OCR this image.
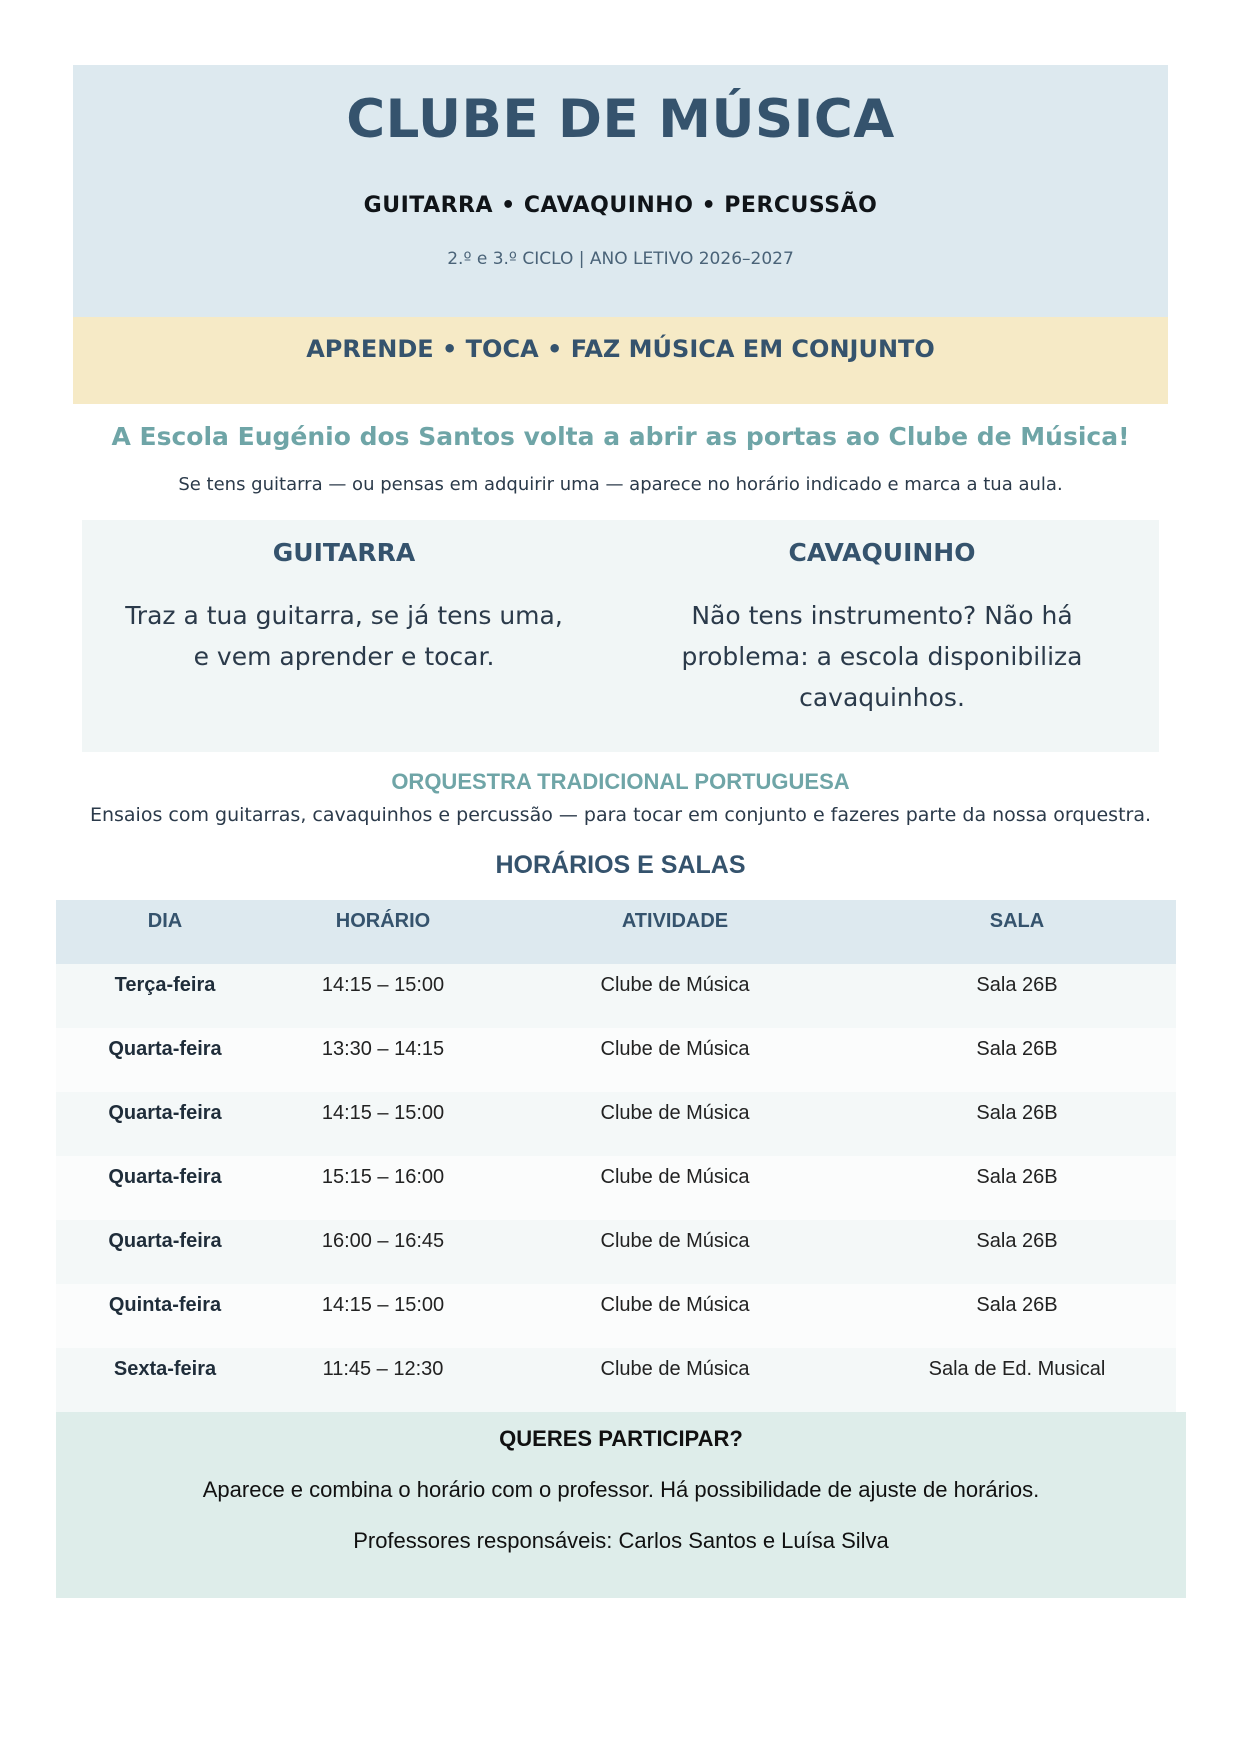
CLUBE DE MÚSICA
GUITARRA • CAVAQUINHO • PERCUSSÃO
2.º e 3.º CICLO | ANO LETIVO 2026–2027
APRENDE • TOCA • FAZ MÚSICA EM CONJUNTO
A Escola Eugénio dos Santos volta a abrir as portas ao Clube de Música!
Se tens guitarra — ou pensas em adquirir uma — aparece no horário indicado e marca a tua aula.
GUITARRA

Traz a tua guitarra, se já tens uma, e vem aprender e tocar.

CAVAQUINHO

Não tens instrumento? Não há problema: a escola disponibiliza cavaquinhos.

ORQUESTRA TRADICIONAL PORTUGUESA
Ensaios com guitarras, cavaquinhos e percussão — para tocar em conjunto e fazeres parte da nossa orquestra.
HORÁRIOS E SALAS
DIA	HORÁRIO	ATIVIDADE	SALA
Terça-feira	14:15 – 15:00	Clube de Música	Sala 26B
Quarta-feira	13:30 – 14:15	Clube de Música	Sala 26B
Quarta-feira	14:15 – 15:00	Clube de Música	Sala 26B
Quarta-feira	15:15 – 16:00	Clube de Música	Sala 26B
Quarta-feira	16:00 – 16:45	Clube de Música	Sala 26B
Quinta-feira	14:15 – 15:00	Clube de Música	Sala 26B
Sexta-feira	11:45 – 12:30	Clube de Música	Sala de Ed. Musical
QUERES PARTICIPAR?
Aparece e combina o horário com o professor. Há possibilidade de ajuste de horários.
Professores responsáveis: Carlos Santos e Luísa Silva
